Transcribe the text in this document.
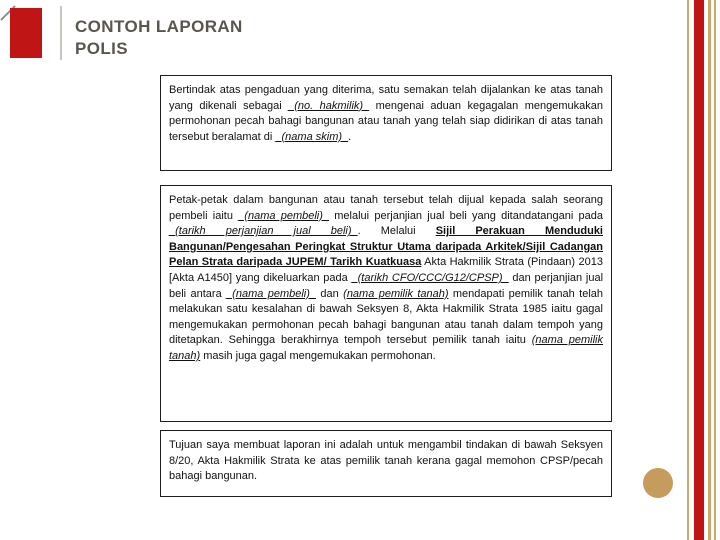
CONTOH LAPORAN
POLIS
Bertindak atas pengaduan yang diterima, satu semakan telah dijalankan ke atas tanah yang dikenali sebagai _(no. hakmilik)_ mengenai aduan kegagalan mengemukakan permohonan pecah bahagi bangunan atau tanah yang telah siap didirikan di atas tanah tersebut beralamat di _(nama skim)_.
Petak-petak dalam bangunan atau tanah tersebut telah dijual kepada salah seorang pembeli iaitu _(nama pembeli)_ melalui perjanjian jual beli yang ditandatangani pada _(tarikh perjanjian jual beli)_. Melalui Sijil Perakuan Menduduki Bangunan/Pengesahan Peringkat Struktur Utama daripada Arkitek/Sijil Cadangan Pelan Strata daripada JUPEM/ Tarikh Kuatkuasa Akta Hakmilik Strata (Pindaan) 2013 [Akta A1450] yang dikeluarkan pada _(tarikh CFO/CCC/G12/CPSP)_ dan perjanjian jual beli antara _(nama pembeli)_ dan (nama pemilik tanah) mendapati pemilik tanah telah melakukan satu kesalahan di bawah Seksyen 8, Akta Hakmilik Strata 1985 iaitu gagal mengemukakan permohonan pecah bahagi bangunan atau tanah dalam tempoh yang ditetapkan. Sehingga berakhirnya tempoh tersebut pemilik tanah iaitu (nama pemilik tanah) masih juga gagal mengemukakan permohonan.
Tujuan saya membuat laporan ini adalah untuk mengambil tindakan di bawah Seksyen 8/20, Akta Hakmilik Strata ke atas pemilik tanah kerana gagal memohon CPSP/pecah bahagi bangunan.
